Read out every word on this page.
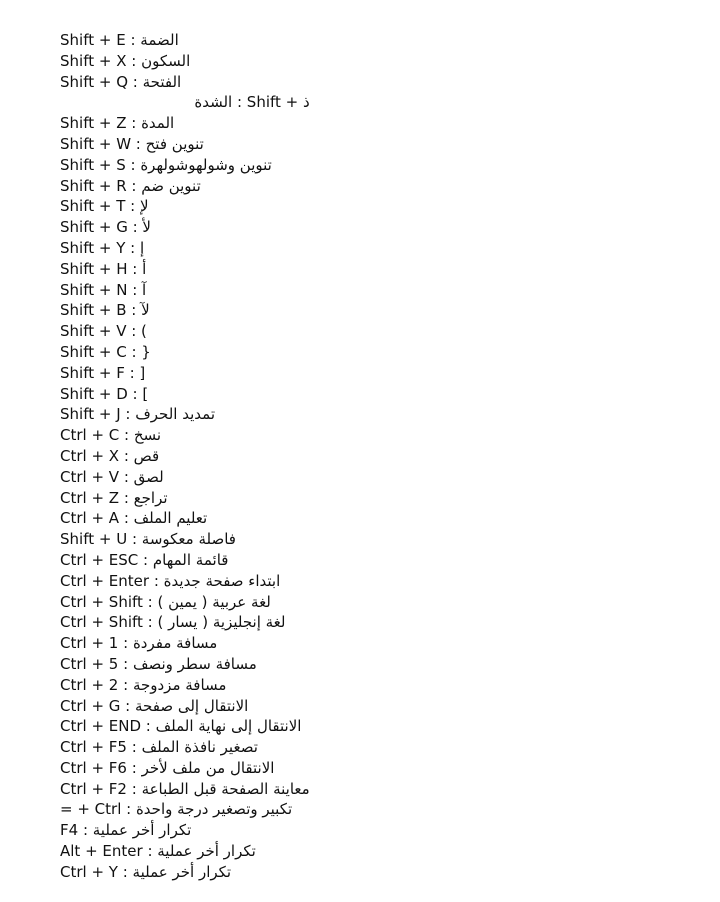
Shift + E : الضمة
Shift + X : السكون
Shift + Q : الفتحة
ذ + Shift : الشدة
Shift + Z : المدة
Shift + W : تنوين فتح
Shift + S : تنوين وشولهوشولهرة
Shift + R : تنوين ضم
Shift + T : لإ
Shift + G : لأ
Shift + Y : إ
Shift + H : أ
Shift + N : آ
Shift + B : لآ
Shift + V : (
Shift + C : }
Shift + F : ]
Shift + D : [
Shift + J : تمديد الحرف
Ctrl + C : نسخ
Ctrl + X : قص
Ctrl + V : لصق
Ctrl + Z : تراجع
Ctrl + A : تعليم الملف
Shift + U : فاصلة معكوسة
Ctrl + ESC : قائمة المهام
Ctrl + Enter : ابتداء صفحة جديدة
Ctrl + Shift : لغة عربية ( يمين )
Ctrl + Shift : لغة إنجليزية ( يسار )
Ctrl + 1 : مسافة مفردة
Ctrl + 5 : مسافة سطر ونصف
Ctrl + 2 : مسافة مزدوجة
Ctrl + G : الانتقال إلى صفحة
Ctrl + END : الانتقال إلى نهاية الملف
Ctrl + F5 : تصغير نافذة الملف
Ctrl + F6 : الانتقال من ملف لأخر
Ctrl + F2 : معاينة الصفحة قبل الطباعة
= + Ctrl : تكبير وتصغير درجة واحدة
F4 : تكرار أخر عملية
Alt + Enter : تكرار أخر عملية
Ctrl + Y : تكرار أخر عملية
